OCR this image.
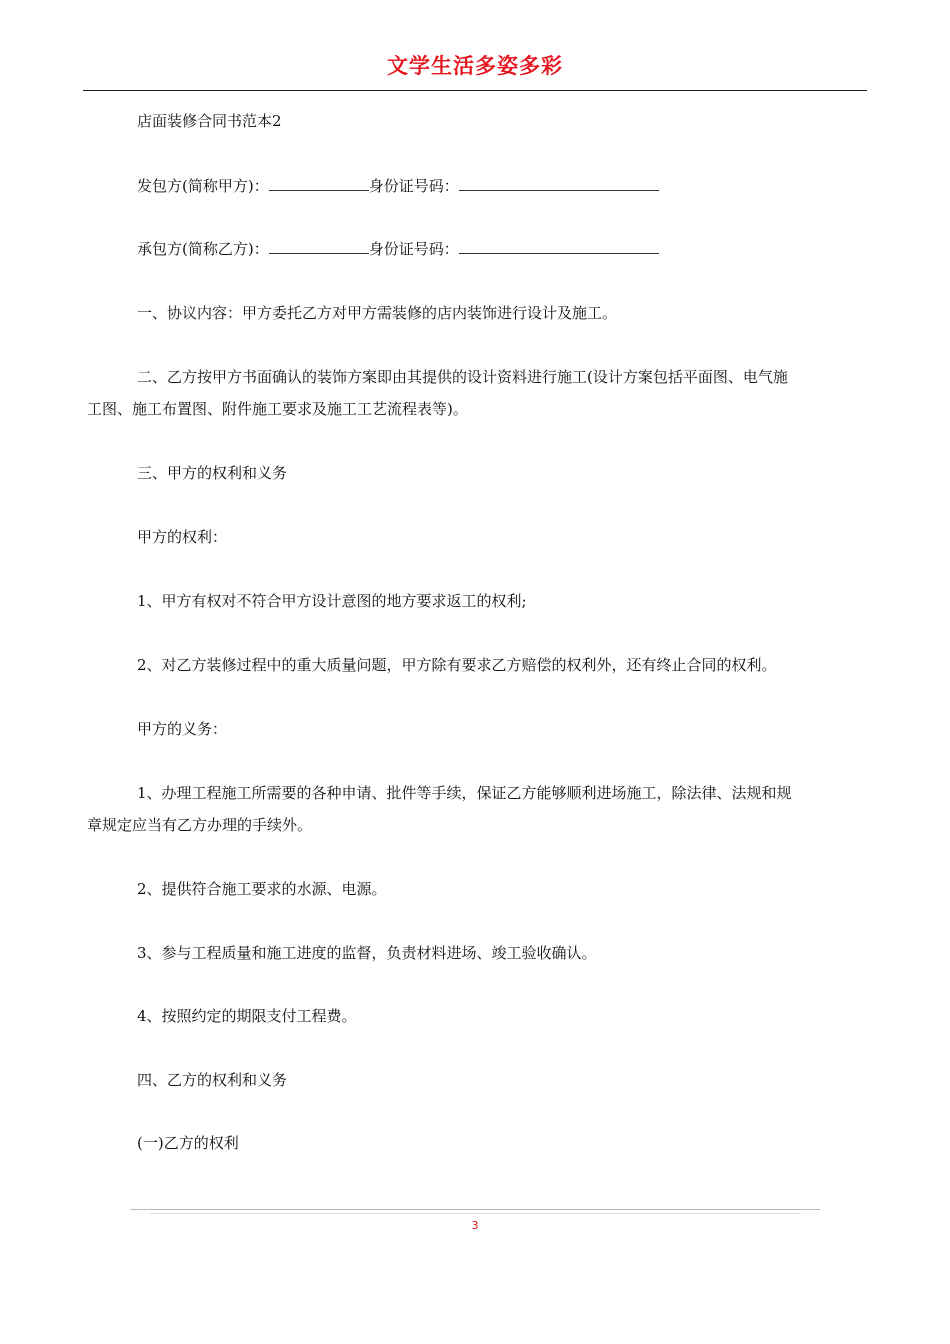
文学生活多姿多彩
店面装修合同书范本2
发包方(简称甲方)：	身份证号码：
承包方(简称乙方)：	身份证号码：
一、协议内容：甲方委托乙方对甲方需装修的店内装饰进行设计及施工。
二、乙方按甲方书面确认的装饰方案即由其提供的设计资料进行施工(设计方案包括平面图、电气施
工图、施工布置图、附件施工要求及施工工艺流程表等)。
三、甲方的权利和义务
甲方的权利：
1、甲方有权对不符合甲方设计意图的地方要求返工的权利;
2、对乙方装修过程中的重大质量问题，甲方除有要求乙方赔偿的权利外，还有终止合同的权利。
甲方的义务：
1、办理工程施工所需要的各种申请、批件等手续，保证乙方能够顺利进场施工，除法律、法规和规
章规定应当有乙方办理的手续外。
2、提供符合施工要求的水源、电源。
3、参与工程质量和施工进度的监督，负责材料进场、竣工验收确认。
4、按照约定的期限支付工程费。
四、乙方的权利和义务
(一)乙方的权利
3
